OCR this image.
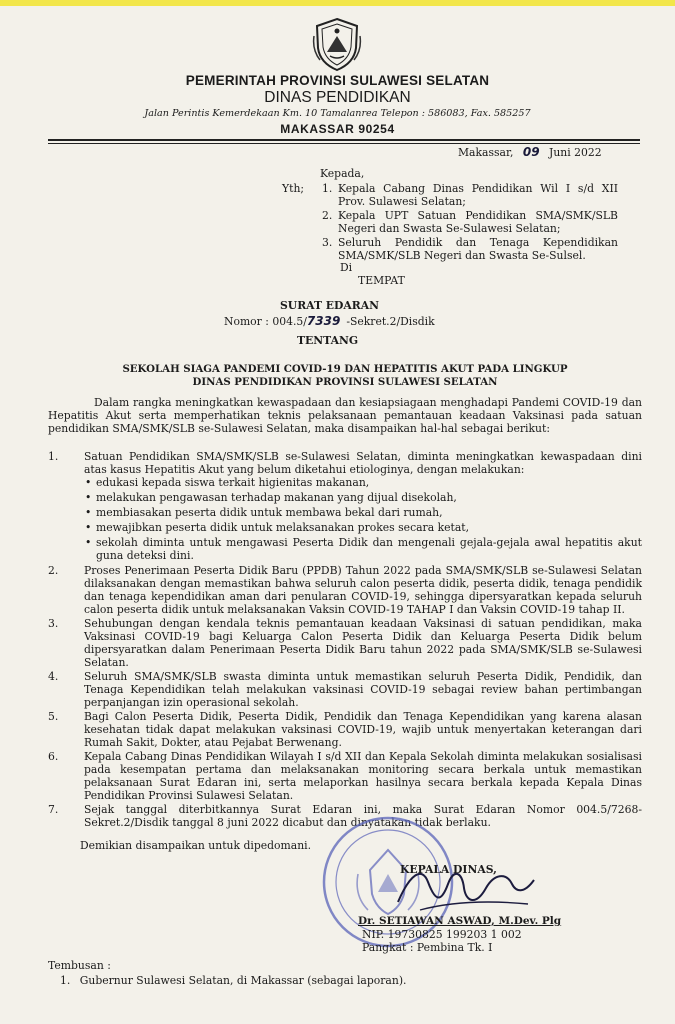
PEMERINTAH PROVINSI SULAWESI SELATAN
DINAS PENDIDIKAN
Jalan Perintis Kemerdekaan Km. 10 Tamalanrea Telepon : 586083, Fax. 585257
MAKASSAR 90254
Makassar, 09 Juni 2022
Kepada,
Yth; 1. Kepala Cabang Dinas Pendidikan Wil I s/d XII Prov. Sulawesi Selatan;
2. Kepala UPT Satuan Pendidikan SMA/SMK/SLB Negeri dan Swasta Se-Sulawesi Selatan;
3. Seluruh Pendidik dan Tenaga Kependidikan SMA/SMK/SLB Negeri dan Swasta Se-Sulsel.
Di
TEMPAT
SURAT EDARAN
Nomor : 004.5/7339 -Sekret.2/Disdik
TENTANG
SEKOLAH SIAGA PANDEMI COVID-19 DAN HEPATITIS AKUT PADA LINGKUP
DINAS PENDIDIKAN PROVINSI SULAWESI SELATAN
Dalam rangka meningkatkan kewaspadaan dan kesiapsiagaan menghadapi Pandemi COVID-19 dan Hepatitis Akut serta memperhatikan teknis pelaksanaan pemantauan keadaan Vaksinasi pada satuan pendidikan SMA/SMK/SLB se-Sulawesi Selatan, maka disampaikan hal-hal sebagai berikut:
1. Satuan Pendidikan SMA/SMK/SLB se-Sulawesi Selatan, diminta meningkatkan kewaspadaan dini atas kasus Hepatitis Akut yang belum diketahui etiologinya, dengan melakukan:
• edukasi kepada siswa terkait higienitas makanan,
• melakukan pengawasan terhadap makanan yang dijual disekolah,
• membiasakan peserta didik untuk membawa bekal dari rumah,
• mewajibkan peserta didik untuk melaksanakan prokes secara ketat,
• sekolah diminta untuk mengawasi Peserta Didik dan mengenali gejala-gejala awal hepatitis akut guna deteksi dini.
2. Proses Penerimaan Peserta Didik Baru (PPDB) Tahun 2022 pada SMA/SMK/SLB se-Sulawesi Selatan dilaksanakan dengan memastikan bahwa seluruh calon peserta didik, peserta didik, tenaga pendidik dan tenaga kependidikan aman dari penularan COVID-19, sehingga dipersyaratkan kepada seluruh calon peserta didik untuk melaksanakan Vaksin COVID-19 TAHAP I dan Vaksin COVID-19 tahap II.
3. Sehubungan dengan kendala teknis pemantauan keadaan Vaksinasi di satuan pendidikan, maka Vaksinasi COVID-19 bagi Keluarga Calon Peserta Didik dan Keluarga Peserta Didik belum dipersyaratkan dalam Penerimaan Peserta Didik Baru tahun 2022 pada SMA/SMK/SLB se-Sulawesi Selatan.
4. Seluruh SMA/SMK/SLB swasta diminta untuk memastikan seluruh Peserta Didik, Pendidik, dan Tenaga Kependidikan telah melakukan vaksinasi COVID-19 sebagai review bahan pertimbangan perpanjangan izin operasional sekolah.
5. Bagi Calon Peserta Didik, Peserta Didik, Pendidik dan Tenaga Kependidikan yang karena alasan kesehatan tidak dapat melakukan vaksinasi COVID-19, wajib untuk menyertakan keterangan dari Rumah Sakit, Dokter, atau Pejabat Berwenang.
6. Kepala Cabang Dinas Pendidikan Wilayah I s/d XII dan Kepala Sekolah diminta melakukan sosialisasi pada kesempatan pertama dan melaksanakan monitoring secara berkala untuk memastikan pelaksanaan Surat Edaran ini, serta melaporkan hasilnya secara berkala kepada Kepala Dinas Pendidikan Provinsi Sulawesi Selatan.
7. Sejak tanggal diterbitkannya Surat Edaran ini, maka Surat Edaran Nomor 004.5/7268-Sekret.2/Disdik tanggal 8 juni 2022 dicabut dan dinyatakan tidak berlaku.
Demikian disampaikan untuk dipedomani.
KEPALA DINAS,
Dr. SETIAWAN ASWAD, M.Dev. Plg
NIP. 19730825 199203 1 002
Pangkat : Pembina Tk. I
Tembusan :
1. Gubernur Sulawesi Selatan, di Makassar (sebagai laporan).
